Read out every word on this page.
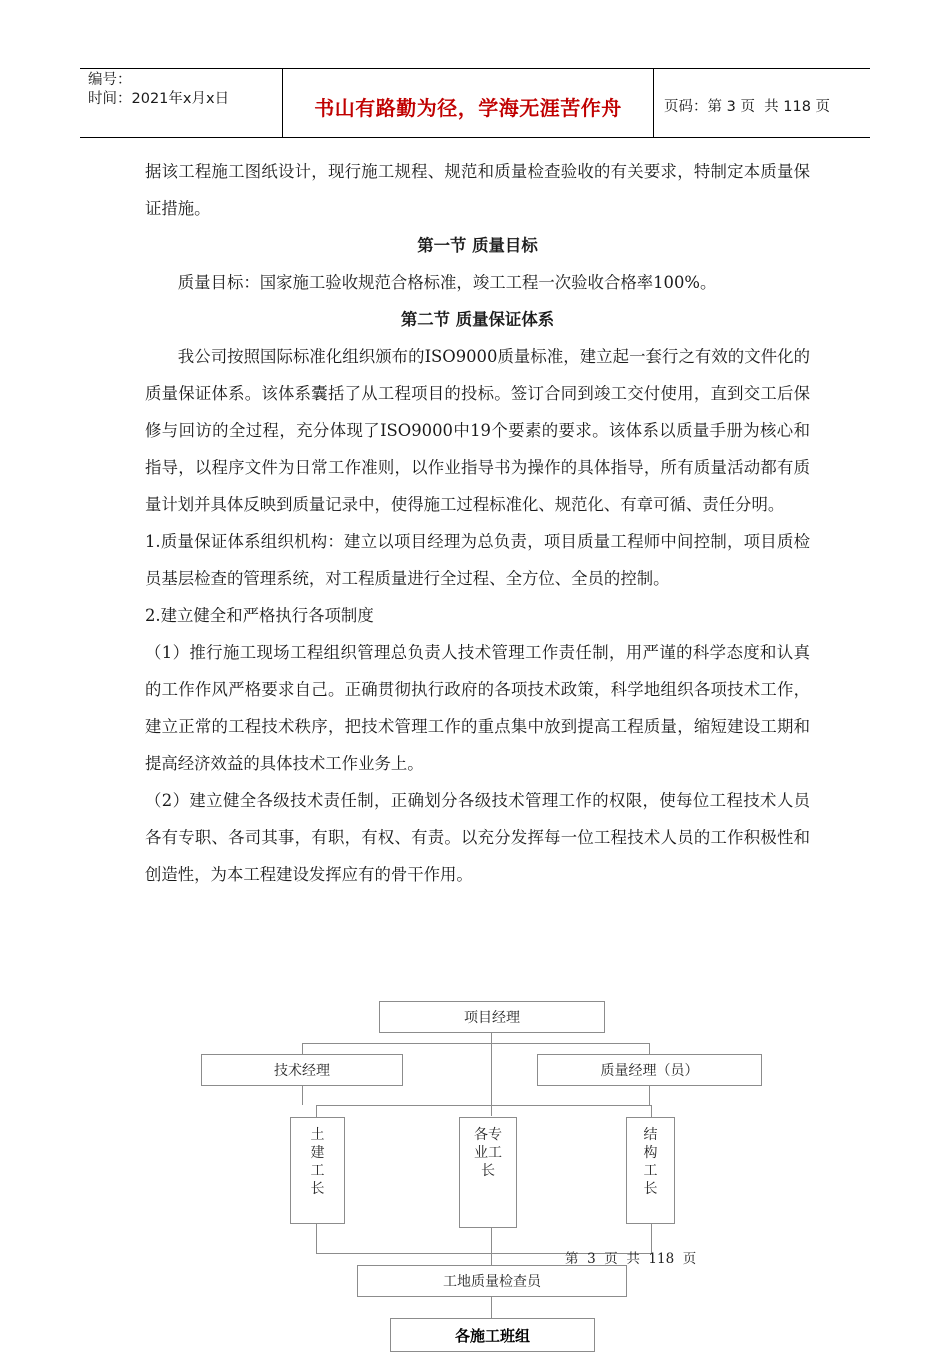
编号：
时间：2021年x月x日	书山有路勤为径，学海无涯苦作舟	页码：第 3 页  共 118 页

据该工程施工图纸设计，现行施工规程、规范和质量检查验收的有关要求，特制定本质量保证措施。

第一节 质量目标

质量目标：国家施工验收规范合格标准，竣工工程一次验收合格率100%。

第二节 质量保证体系

我公司按照国际标准化组织颁布的ISO9000质量标准，建立起一套行之有效的文件化的质量保证体系。该体系囊括了从工程项目的投标。签订合同到竣工交付使用，直到交工后保修与回访的全过程，充分体现了ISO9000中19个要素的要求。该体系以质量手册为核心和指导，以程序文件为日常工作准则，以作业指导书为操作的具体指导，所有质量活动都有质量计划并具体反映到质量记录中，使得施工过程标准化、规范化、有章可循、责任分明。

1.质量保证体系组织机构：建立以项目经理为总负责，项目质量工程师中间控制，项目质检员基层检查的管理系统，对工程质量进行全过程、全方位、全员的控制。

2.建立健全和严格执行各项制度

（1）推行施工现场工程组织管理总负责人技术管理工作责任制，用严谨的科学态度和认真的工作作风严格要求自己。正确贯彻执行政府的各项技术政策，科学地组织各项技术工作，建立正常的工程技术秩序，把技术管理工作的重点集中放到提高工程质量，缩短建设工期和提高经济效益的具体技术工作业务上。

（2）建立健全各级技术责任制，正确划分各级技术管理工作的权限，使每位工程技术人员各有专职、各司其事，有职，有权、有责。以充分发挥每一位工程技术人员的工作积极性和创造性，为本工程建设发挥应有的骨干作用。

项目经理
技术经理	质量经理（员）
土建工长
各专业工长
结构工长
工地质量检查员
各施工班组
第  3  页  共  118  页
